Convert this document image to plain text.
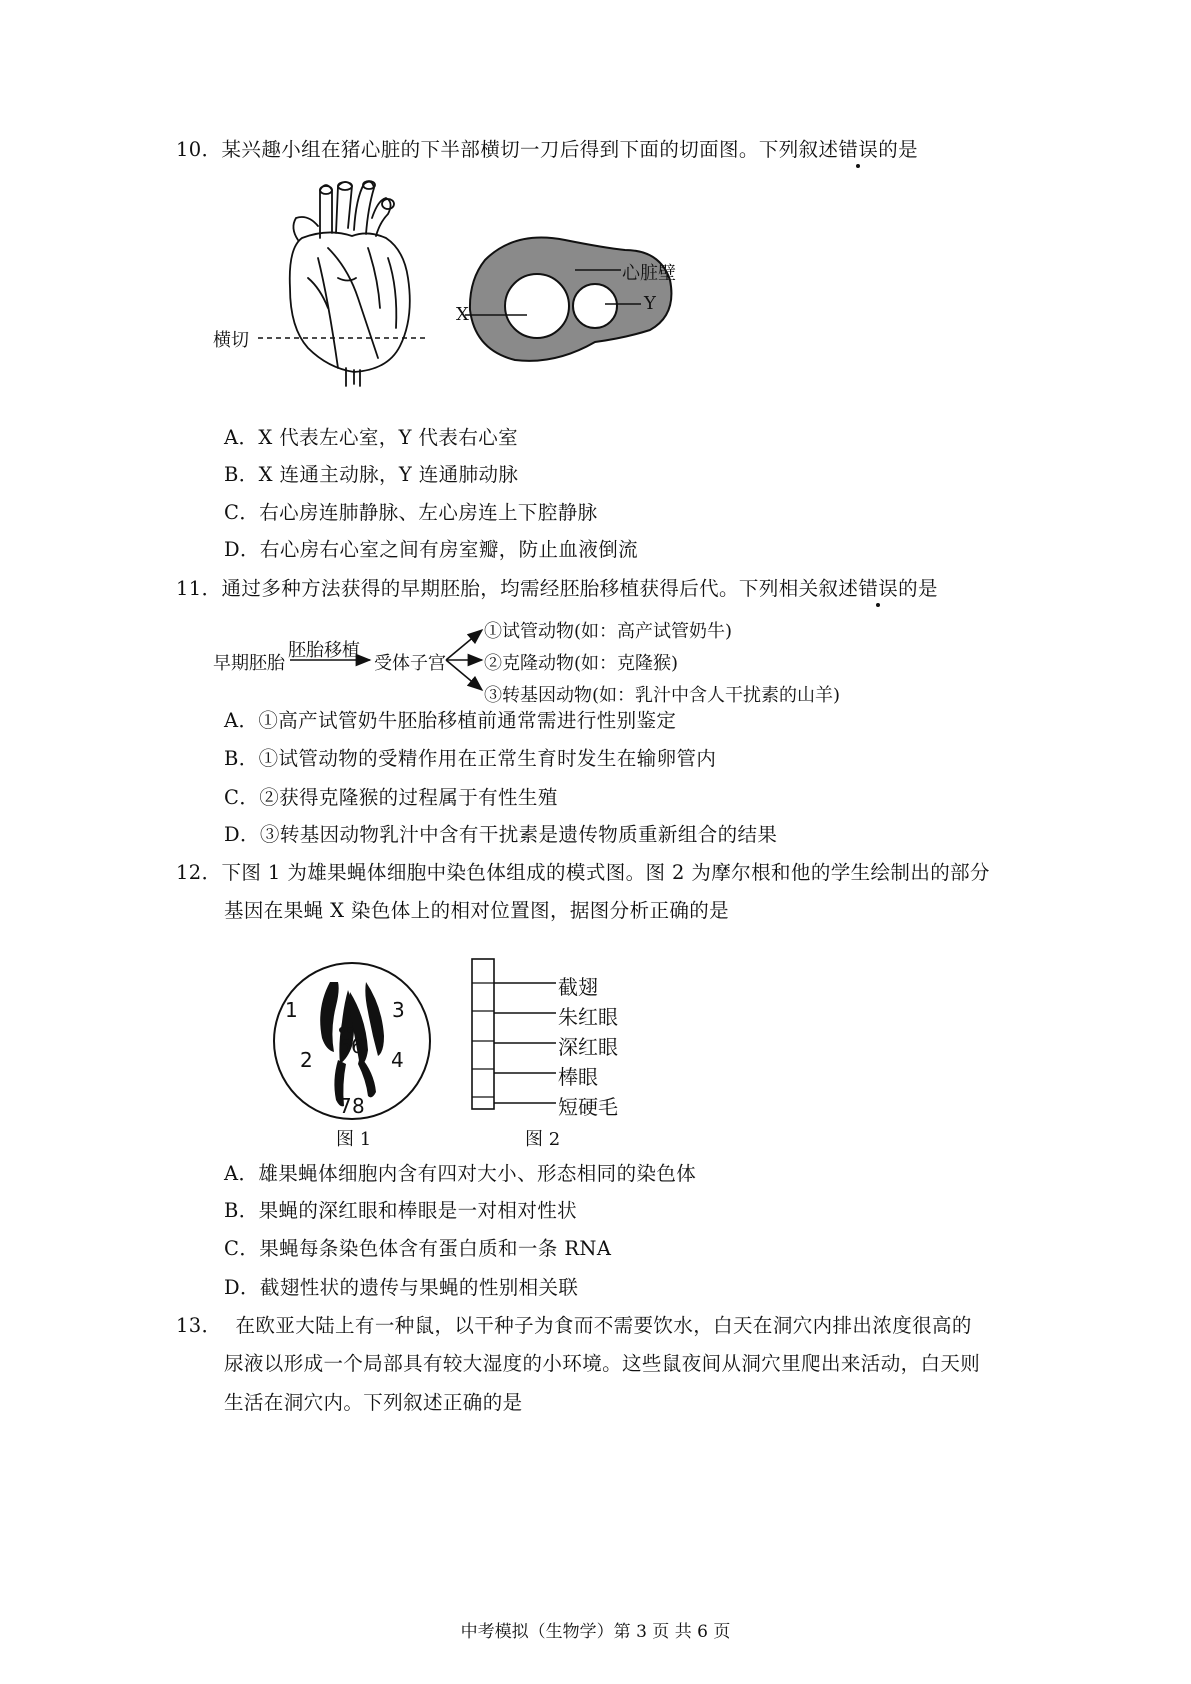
10．某兴趣小组在猪心脏的下半部横切一刀后得到下面的切面图。下列叙述错误的是
横切
心脏壁
X
Y
A．X 代表左心室，Y 代表右心室
B．X 连通主动脉，Y 连通肺动脉
C．右心房连肺静脉、左心房连上下腔静脉
D．右心房右心室之间有房室瓣，防止血液倒流
11．通过多种方法获得的早期胚胎，均需经胚胎移植获得后代。下列相关叙述错误的是
早期胚胎
胚胎移植
受体子宫
①试管动物(如：高产试管奶牛)
②克隆动物(如：克隆猴)
③转基因动物(如：乳汁中含人干扰素的山羊)
A．①高产试管奶牛胚胎移植前通常需进行性别鉴定
B．①试管动物的受精作用在正常生育时发生在输卵管内
C．②获得克隆猴的过程属于有性生殖
D．③转基因动物乳汁中含有干扰素是遗传物质重新组合的结果
12．下图 1 为雄果蝇体细胞中染色体组成的模式图。图 2 为摩尔根和他的学生绘制出的部分
基因在果蝇 X 染色体上的相对位置图，据图分析正确的是
1
2
3
4
5 6
7 8
图 1
截翅
朱红眼
深红眼
棒眼
短硬毛
图 2
A．雄果蝇体细胞内含有四对大小、形态相同的染色体
B．果蝇的深红眼和棒眼是一对相对性状
C．果蝇每条染色体含有蛋白质和一条 RNA
D．截翅性状的遗传与果蝇的性别相关联
13． 在欧亚大陆上有一种鼠，以干种子为食而不需要饮水，白天在洞穴内排出浓度很高的
尿液以形成一个局部具有较大湿度的小环境。这些鼠夜间从洞穴里爬出来活动，白天则
生活在洞穴内。下列叙述正确的是
中考模拟（生物学）第 3 页 共 6 页
